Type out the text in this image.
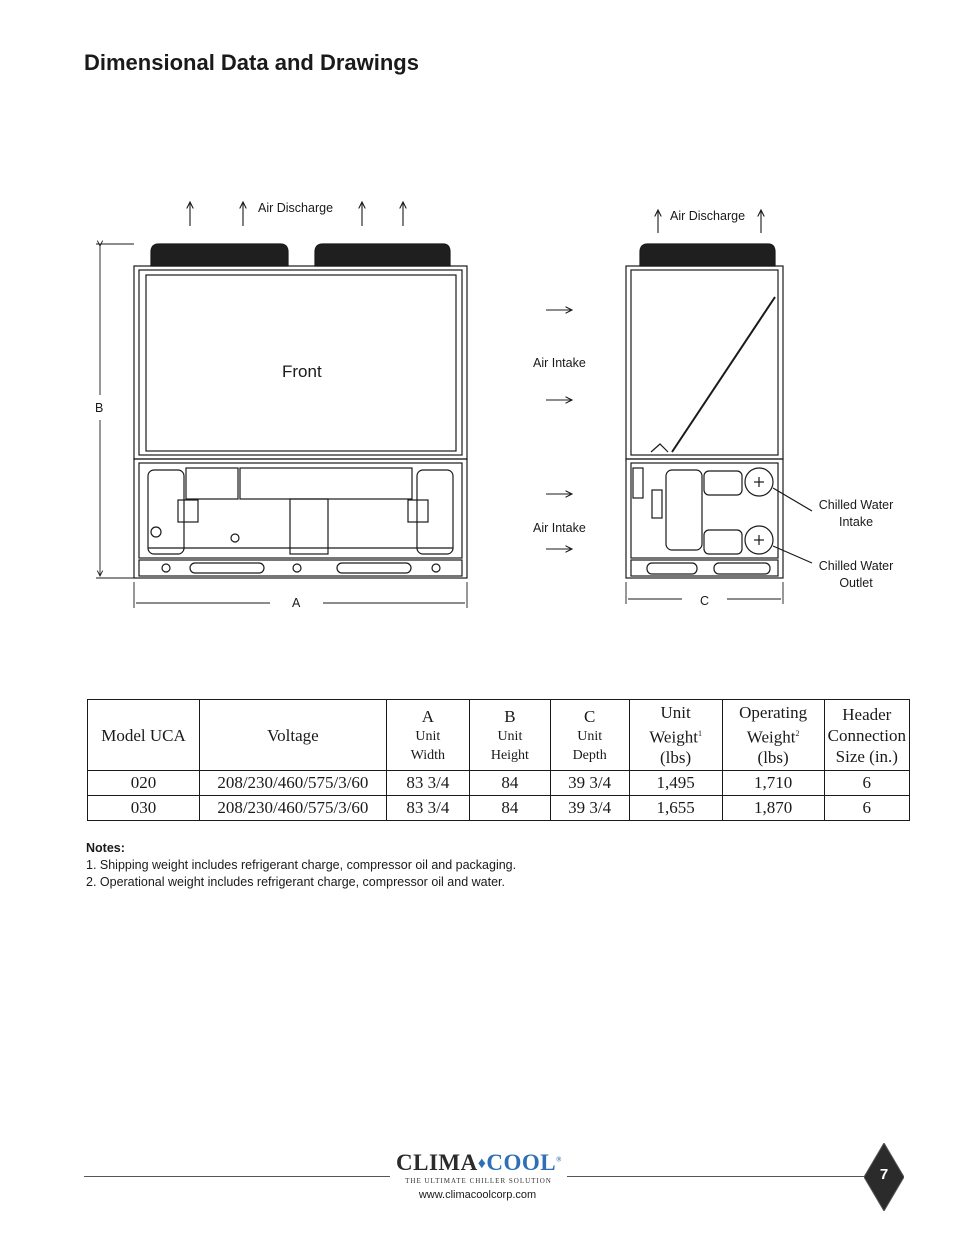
Dimensional Data and Drawings
Air Discharge
Air Discharge
Air Intake
Air Intake
Front
A
B
C
Chilled Water
Intake
Chilled Water
Outlet
Model UCA	Voltage	A
Unit
Width	B
Unit
Height	C
Unit
Depth	Unit
Weight$^1$
(lbs)	Operating
Weight$^2$
(lbs)	Header
Connection
Size (in.)
020	208/230/460/575/3/60	83 3/4	84	39 3/4	1,495	1,710	6
030	208/230/460/575/3/60	83 3/4	84	39 3/4	1,655	1,870	6
Notes:
1. Shipping weight includes refrigerant charge, compressor oil and packaging.
2. Operational weight includes refrigerant charge, compressor oil and water.
CLIMA♦COOL®
THE ULTIMATE CHILLER SOLUTION
www.climacoolcorp.com
7
